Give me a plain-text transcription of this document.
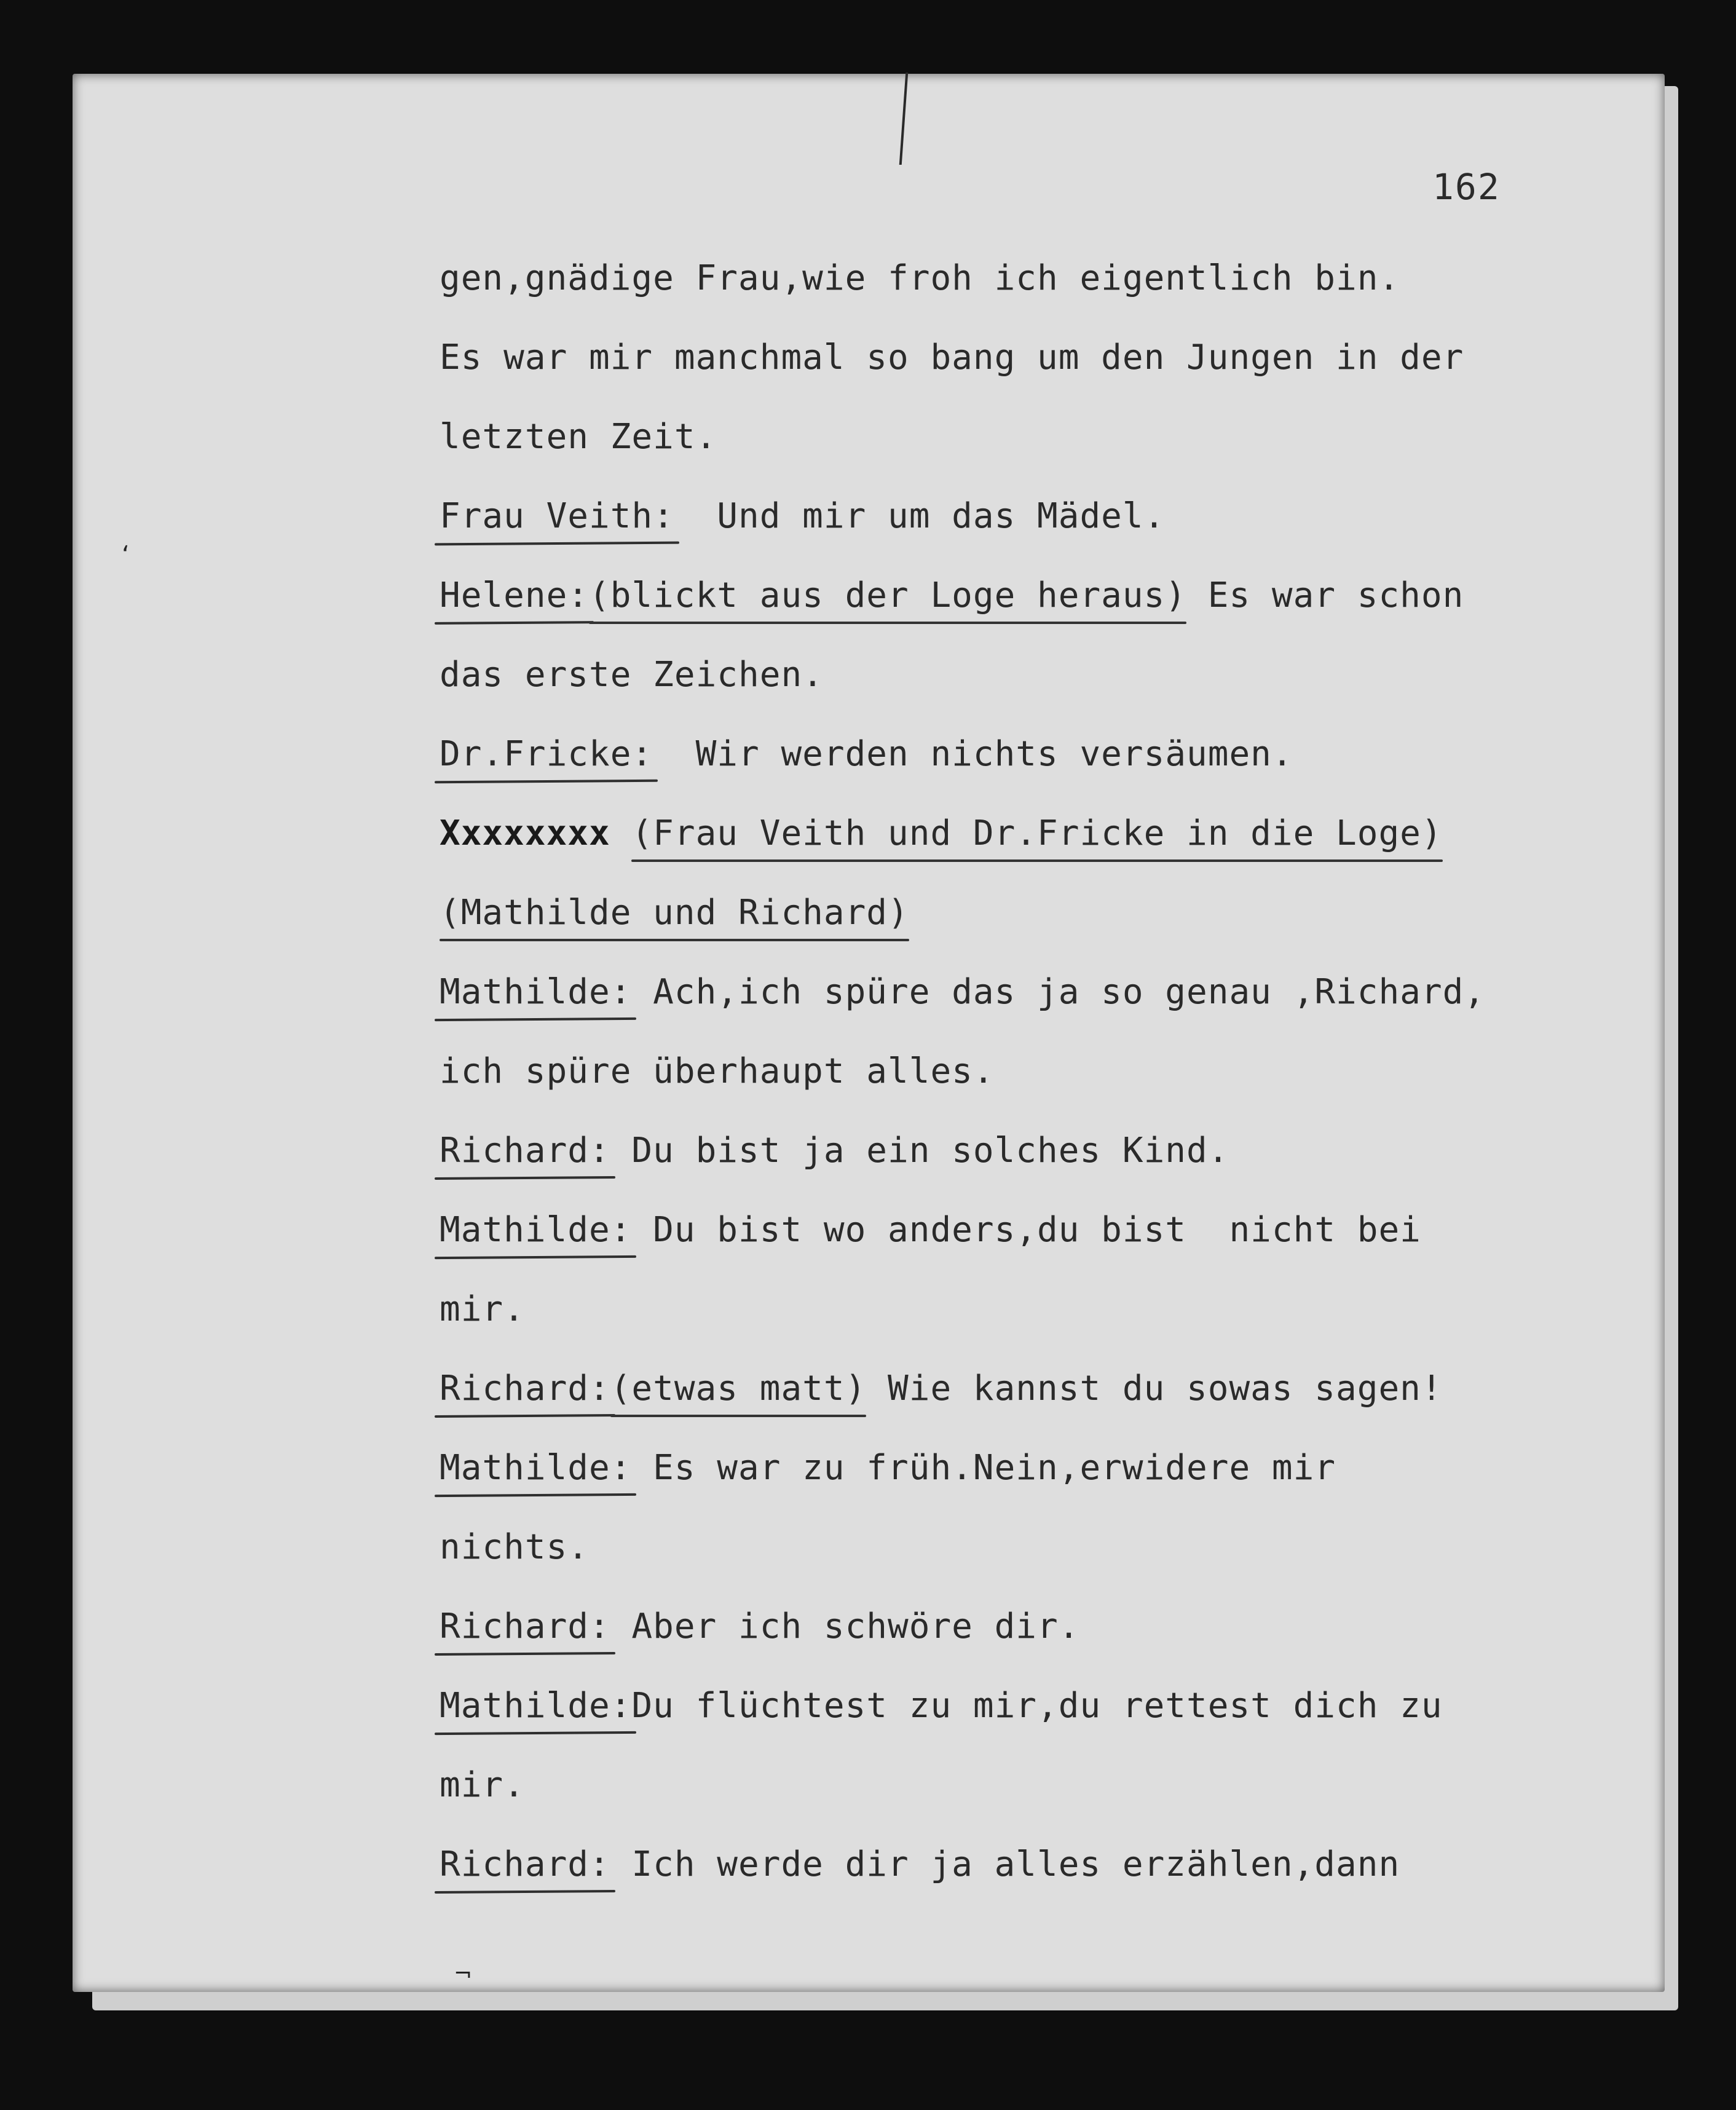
162
‘
gen,gnädige Frau,wie froh ich eigentlich bin.
Es war mir manchmal so bang um den Jungen in der
letzten Zeit.
Frau Veith:  Und mir um das Mädel.
Helene:(blickt aus der Loge heraus) Es war schon
das erste Zeichen.
Dr.Fricke:  Wir werden nichts versäumen.
Xxxxxxxx (Frau Veith und Dr.Fricke in die Loge)
(Mathilde und Richard)
Mathilde: Ach,ich spüre das ja so genau ,Richard,
ich spüre überhaupt alles.
Richard: Du bist ja ein solches Kind.
Mathilde: Du bist wo anders,du bist  nicht bei
mir.
Richard:(etwas matt) Wie kannst du sowas sagen!
Mathilde: Es war zu früh.Nein,erwidere mir
nichts.
Richard: Aber ich schwöre dir.
Mathilde:Du flüchtest zu mir,du rettest dich zu
mir.
Richard: Ich werde dir ja alles erzählen,dann
¬
